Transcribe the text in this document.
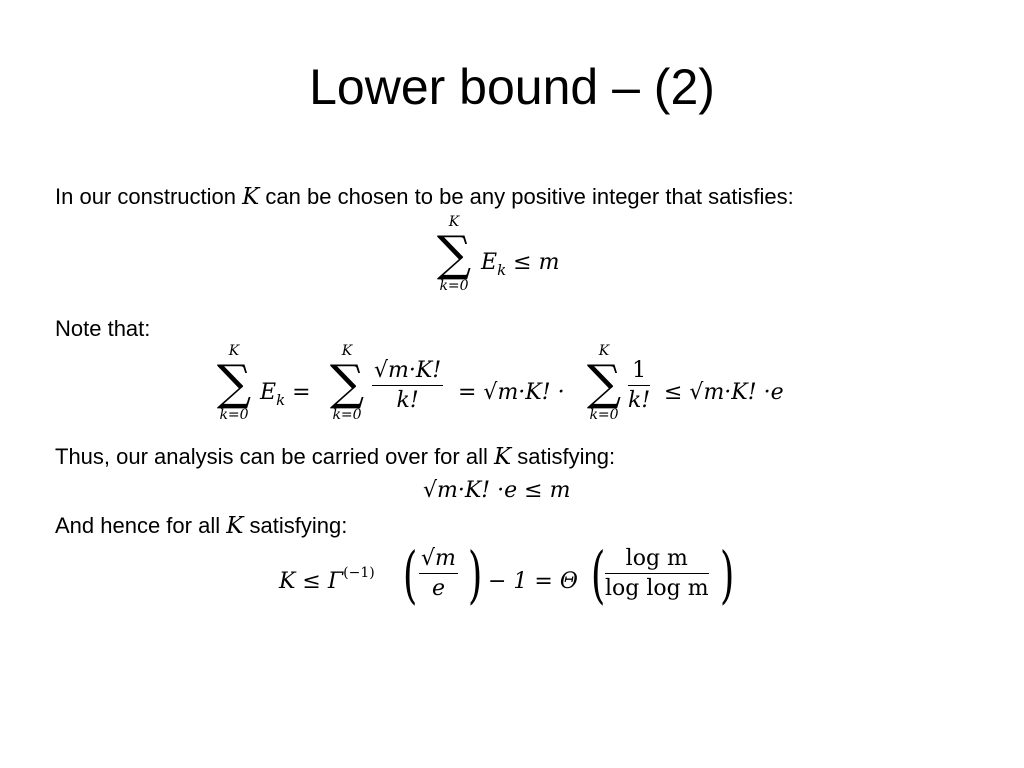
Lower bound – (2)
In our construction K can be chosen to be any positive integer that satisfies:
K
∑
k=0
$E_k \le m$
Note that:
K
∑
k=0
$E_k$ =
K
∑
k=0
$\frac{√m\cdot K!}{k!} = √m\cdot K$! ·
K
∑
k=0
$\frac{1}{k!} \le √m\cdot K$! ·e
Thus, our analysis can be carried over for all K satisfying:
√m·K! ·e ≤ m
And hence for all K satisfying:
$K \le \Gamma^{(-1)}$ ( $\frac{√m}{e}$ ) − 1 = Θ ( $\frac{\text{log m}}{\text{log log m}}$ )
